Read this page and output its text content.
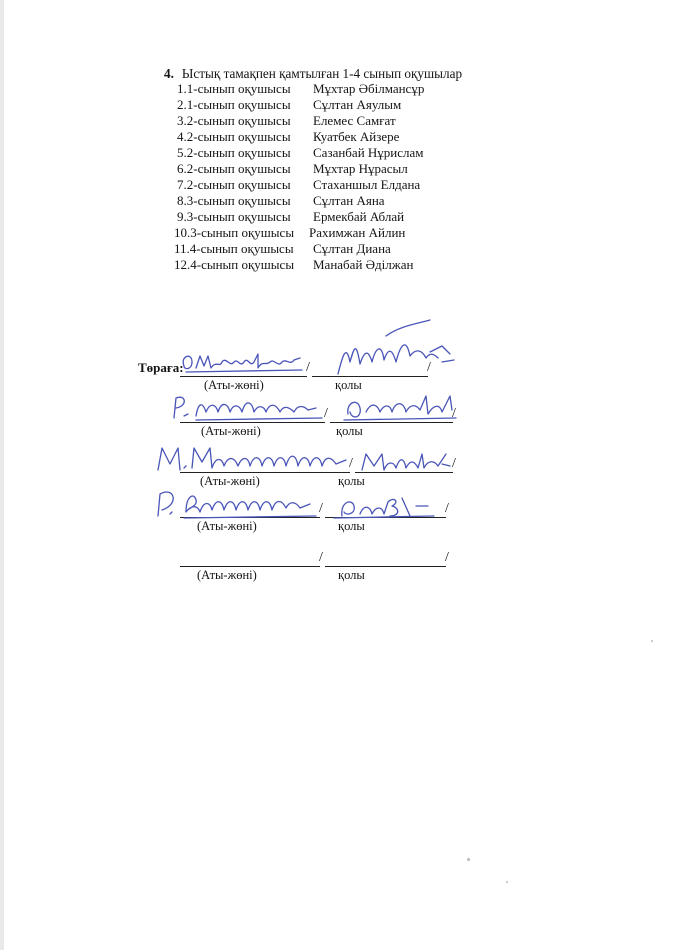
4. Ыстық тамақпен қамтылған 1-4 сынып оқушылар
1.1-сынып оқушысы Мұхтар Әбілмансұр
2.1-сынып оқушысы Сұлтан Аяулым
3.2-сынып оқушысы Елемес Самғат
4.2-сынып оқушысы Куатбек Айзере
5.2-сынып оқушысы Сазанбай Нұрислам
6.2-сынып оқушысы Мұхтар Нұрасыл
7.2-сынып оқушысы Стаханшыл Елдана
8.3-сынып оқушысы Сұлтан Аяна
9.3-сынып оқушысы Ермекбай Аблай
10.3-сынып оқушысы Рахимжан Айлин
11.4-сынып оқушысы Сұлтан Диана
12.4-сынып оқушысы Манабай Әділжан
Төраға:	/	/
(Аты-жөні)	қолы
/	/
(Аты-жөні)	қолы
/	/
(Аты-жөні)	қолы
/	/
(Аты-жөні)	қолы
/	/
(Аты-жөні)	қолы
